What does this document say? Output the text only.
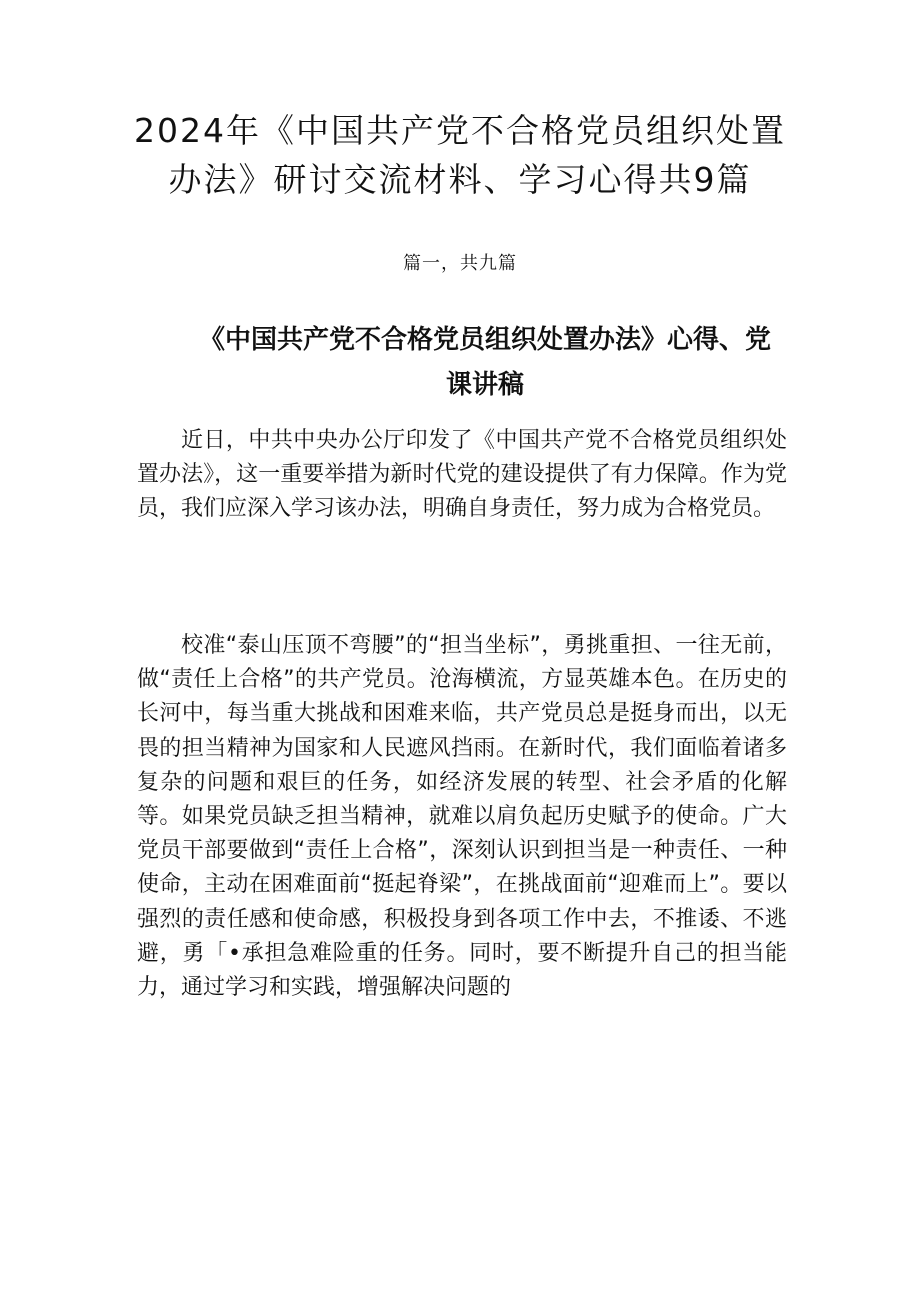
2024年《中国共产党不合格党员组织处置
办法》研讨交流材料、学习心得共9篇
篇一，共九篇
《中国共产党不合格党员组织处置办法》心得、党
课讲稿

近日，中共中央办公厅印发了《中国共产党不合格党员组织处置办法》，这一重要举措为新时代党的建设提供了有力保障。作为党员，我们应深入学习该办法，明确自身责任，努力成为合格党员。

校准“泰山压顶不弯腰”的“担当坐标”，勇挑重担、一往无前，做“责任上合格”的共产党员。沧海横流，方显英雄本色。在历史的长河中，每当重大挑战和困难来临，共产党员总是挺身而出，以无畏的担当精神为国家和人民遮风挡雨。在新时代，我们面临着诸多复杂的问题和艰巨的任务，如经济发展的转型、社会矛盾的化解等。如果党员缺乏担当精神，就难以肩负起历史赋予的使命。广大党员干部要做到“责任上合格”，深刻认识到担当是一种责任、一种使命，主动在困难面前“挺起脊梁”，在挑战面前“迎难而上”。要以强烈的责任感和使命感，积极投身到各项工作中去，不推诿、不逃避，勇「•承担急难险重的任务。同时，要不断提升自己的担当能力，通过学习和实践，增强解决问题的
